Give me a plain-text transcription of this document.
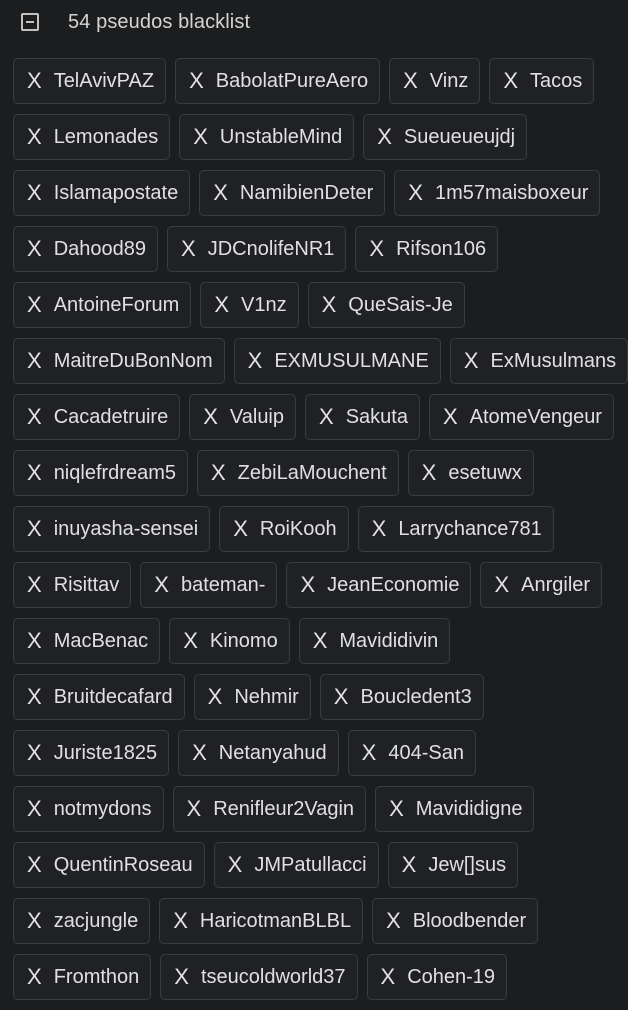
54 pseudos blacklist
X TelAvivPAZ X BabolatPureAero X Vinz X Tacos
X Lemonades X UnstableMind X Sueueueujdj
X Islamapostate X NamibienDeter X 1m57maisboxeur
X Dahood89 X JDCnolifeNR1 X Rifson106
X AntoineForum X V1nz X QueSais-Je
X MaitreDuBonNom X EXMUSULMANE X ExMusulmans
X Cacadetruire X Valuip X Sakuta X AtomeVengeur
X niqlefrdream5 X ZebiLaMouchent X esetuwx
X inuyasha-sensei X RoiKooh X Larrychance781
X Risittav X bateman- X JeanEconomie X Anrgiler
X MacBenac X Kinomo X Mavididivin
X Bruitdecafard X Nehmir X Boucledent3
X Juriste1825 X Netanyahud X 404-San
X notmydons X Renifleur2Vagin X Mavididigne
X QuentinRoseau X JMPatullacci X Jew[]sus
X zacjungle X HaricotmanBLBL X Bloodbender
X Fromthon X tseucoldworld37 X Cohen-19
